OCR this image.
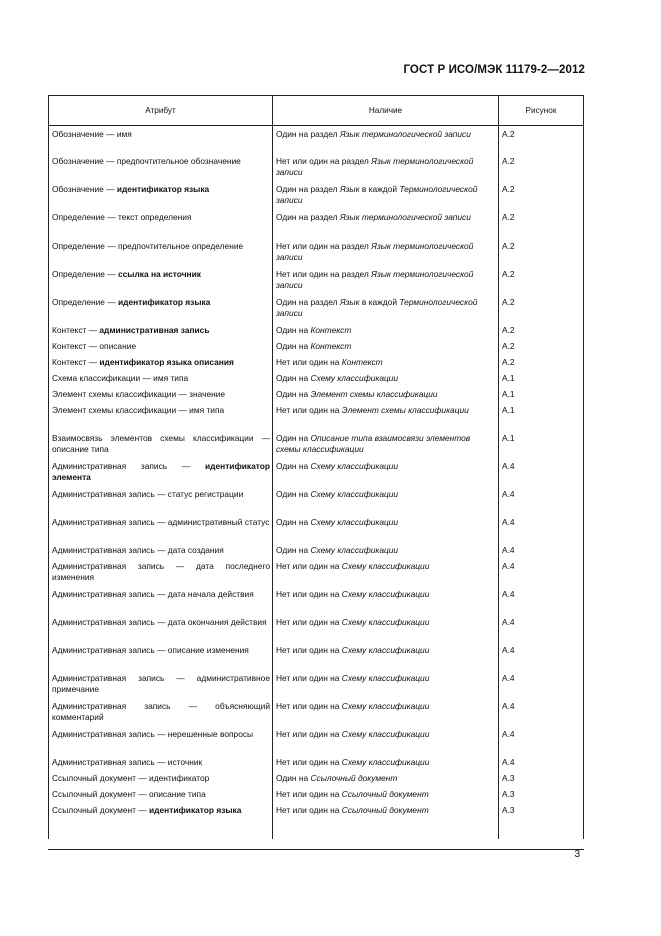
ГОСТ Р ИСО/МЭК 11179-2—2012
Атрибут	Наличие	Рисунок
Обозначение — имя	Один на раздел Язык терминологической записи	A.2
Обозначение — предпочтительное обозначение	Нет или один на раздел Язык терминологической записи	A.2
Обозначение — идентификатор языка	Один на раздел Язык в каждой Терминологической записи	A.2
Определение — текст определения	Один на раздел Язык терминологической записи	A.2
Определение — предпочтительное определение	Нет или один на раздел Язык терминологической записи	A.2
Определение — ссылка на источник	Нет или один на раздел Язык терминологической записи	A.2
Определение — идентификатор языка	Один на раздел Язык в каждой Терминологической записи	A.2
Контекст — административная запись	Один на Контекст	A.2
Контекст — описание	Один на Контекст	A.2
Контекст — идентификатор языка описания	Нет или один на Контекст	A.2
Схема классификации — имя типа	Один на Схему классификации	A.1
Элемент схемы классификации — значение	Один на Элемент схемы классификации	A.1
Элемент схемы классификации — имя типа	Нет или один на Элемент схемы классификации	A.1
Взаимосвязь элементов схемы классификации — описание типа	Один на Описание типа взаимосвязи элементов схемы классификации	A.1
Административная запись — идентификатор элемента	Один на Схему классификации	A.4
Административная запись — статус регистрации	Один на Схему классификации	A.4
Административная запись — административный статус	Один на Схему классификации	A.4
Административная запись — дата создания	Один на Схему классификации	A.4
Административная запись — дата последнего изменения	Нет или один на Схему классификации	A.4
Административная запись — дата начала действия	Нет или один на Схему классификации	A.4
Административная запись — дата окончания действия	Нет или один на Схему классификации	A.4
Административная запись — описание изменения	Нет или один на Схему классификации	A.4
Административная запись — административное примечание	Нет или один на Схему классификации	A.4
Административная запись — объясняющий комментарий	Нет или один на Схему классификации	A.4
Административная запись — нерешенные вопросы	Нет или один на Схему классификации	A.4
Административная запись — источник	Нет или один на Схему классификации	A.4
Ссылочный документ — идентификатор	Один на Ссылочный документ	A.3
Ссылочный документ — описание типа	Нет или один на Ссылочный документ	A.3
Ссылочный документ — идентификатор языка	Нет или один на Ссылочный документ	A.3
3
